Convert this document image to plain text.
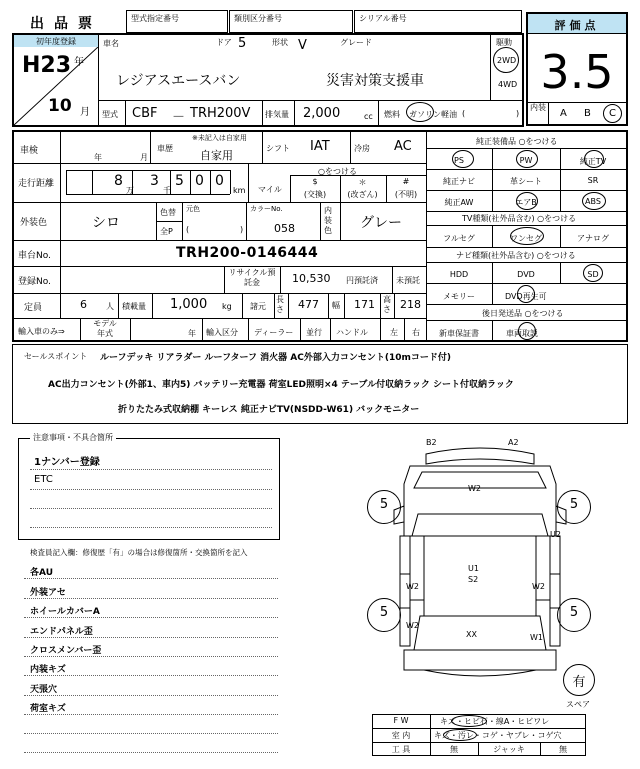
出品票	型式指定番号	類別区分番号	シリアル番号
評価点
3.5
内装
A B C
初年度登録
H23 年
10 月
車名	ドア 5	形状 V	グレード
レジアスエースバン	災害対策支援車
駆動
2WD
4WD
型式 CBF － TRH200V 排気量 2,000	cc 燃料 ガソリン 軽油 (	)
車検
年	月
車歴
※未記入は自家用
自家用
シフト IAT	冷房 AC
走行距離	8
万
3
千
5 0 0
km
○をつける
マイル
$
(交換)
＊
(改ざん)
#
(不明)
外装色	シロ
色替
全P
元色
(	)
カラーNo.
058
内装色 グレー
車台No.	TRH200-0146444
登録No.
リサイクル預託金	10,530 円預託済 未預託
定員	6 人 積載量 1,000 kg 諸元
長さ 477 幅 171 高さ 218
輸入車のみ⇒
モデル年式	年 輸入区分 ディーラー 並行 ハンドル	左 右
純正装備品 ○をつける
PS	PW	純正TV
純正ナビ	革シート	SR
純正AW	エアB	ABS
TV種類(社外品含む) ○をつける
フルセグ	ワンセグ	アナログ
ナビ種類(社外品含む) ○をつける
HDD	DVD	SD
メモリー	DVD再生可
後日発送品 ○をつける
新車保証書	車両取説
セールスポイント ルーフデッキ リアラダー ルーフターフ 消火器 AC外部入力コンセント(10mコード付)
AC出力コンセント(外部1、車内5) バッテリー充電器 荷室LED照明×4 テーブル付収納ラック シート付収納ラック
折りたたみ式収納棚 キーレス 純正ナビTV(NSDD-W61) バックモニター
注意事項・不具合箇所
1ナンバー登録
ETC
検査員記入欄：修復歴「有」の場合は修復箇所・交換箇所を記入
各AU
外装アセ
ホイールカバーA
エンドパネル歪
クロスメンバー歪
内装キズ
天張穴
荷室キズ
B2	A2
W2
U2
U1
S2
W2	W2
W2
XX	W1
5	5
5	5
有
スペア
F W	キズ・ヒビ石・線A・ヒビワレ
室 内	キズ・汚レ・コゲ・ヤブレ・コゲ穴
工 具	無	ジャッキ	無
